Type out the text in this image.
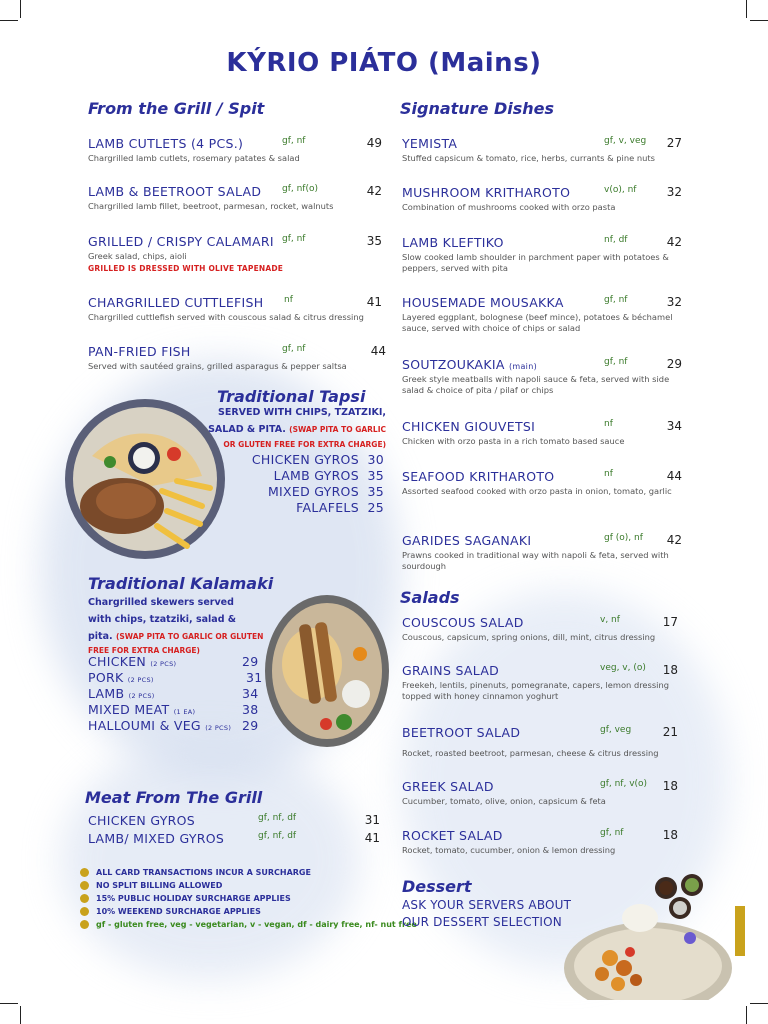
KÝRIO PIÁTO (Mains)
From the Grill / Spit
LAMB CUTLETS (4 PCS.)	gf, nf	49
Chargrilled lamb cutlets, rosemary patates & salad
LAMB & BEETROOT SALAD	gf, nf(o)	42
Chargrilled lamb fillet, beetroot, parmesan, rocket, walnuts
GRILLED / CRISPY CALAMARI gf, nf	35
Greek salad, chips, aioli
GRILLED IS DRESSED WITH OLIVE TAPENADE
CHARGRILLED CUTTLEFISH	nf	41
Chargrilled cuttlefish served with couscous salad & citrus dressing
PAN-FRIED FISH	gf, nf	44
Served with sautéed grains, grilled asparagus & pepper saltsa
Traditional Tapsi
SERVED WITH CHIPS, TZATZIKI,
SALAD & PITA. (SWAP PITA TO GARLIC
OR GLUTEN FREE FOR EXTRA CHARGE)
CHICKEN GYROS 30
LAMB GYROS 35
MIXED GYROS 35
FALAFELS 25
Traditional Kalamaki
Chargrilled skewers served
with chips, tzatziki, salad &
pita. (SWAP PITA TO GARLIC OR GLUTEN
FREE FOR EXTRA CHARGE)
CHICKEN (2 PCS)	29
PORK (2 PCS)	31
LAMB (2 PCS)	34
MIXED MEAT (1 EA)	38
HALLOUMI & VEG (2 PCS) 29
Meat From The Grill
CHICKEN GYROS	gf, nf, df	31
LAMB/ MIXED GYROS	gf, nf, df	41
ALL CARD TRANSACTIONS INCUR A SURCHARGE
NO SPLIT BILLING ALLOWED
15% PUBLIC HOLIDAY SURCHARGE APPLIES
10% WEEKEND SURCHARGE APPLIES
gf - gluten free, veg - vegetarian, v - vegan, df - dairy free, nf- nut free
Signature Dishes
YEMISTA	gf, v, veg 27
Stuffed capsicum & tomato, rice, herbs, currants & pine nuts
MUSHROOM KRITHAROTO	v(o), nf	32
Combination of mushrooms cooked with orzo pasta
LAMB KLEFTIKO	nf, df	42
Slow cooked lamb shoulder in parchment paper with potatoes & peppers, served with pita
HOUSEMADE MOUSAKKA	gf, nf	32
Layered eggplant, bolognese (beef mince), potatoes & béchamel sauce, served with choice of chips or salad
SOUTZOUKAKIA (main)	gf, nf	29
Greek style meatballs with napoli sauce & feta, served with side salad & choice of pita / pilaf or chips
CHICKEN GIOUVETSI	nf	34
Chicken with orzo pasta in a rich tomato based sauce
SEAFOOD KRITHAROTO	nf	44
Assorted seafood cooked with orzo pasta in onion, tomato, garlic
GARIDES SAGANAKI	gf (o), nf 42
Prawns cooked in traditional way with napoli & feta, served with sourdough
Salads
COUSCOUS SALAD	v, nf	17
Couscous, capsicum, spring onions, dill, mint, citrus dressing
GRAINS SALAD	veg, v, (o) 18
Freekeh, lentils, pinenuts, pomegranate, capers, lemon dressing topped with honey cinnamon yoghurt
BEETROOT SALAD	gf, veg	21
Rocket, roasted beetroot, parmesan, cheese & citrus dressing
GREEK SALAD	gf, nf, v(o) 18
Cucumber, tomato, olive, onion, capsicum & feta
ROCKET SALAD	gf, nf	18
Rocket, tomato, cucumber, onion & lemon dressing
Dessert
ASK YOUR SERVERS ABOUT
OUR DESSERT SELECTION
